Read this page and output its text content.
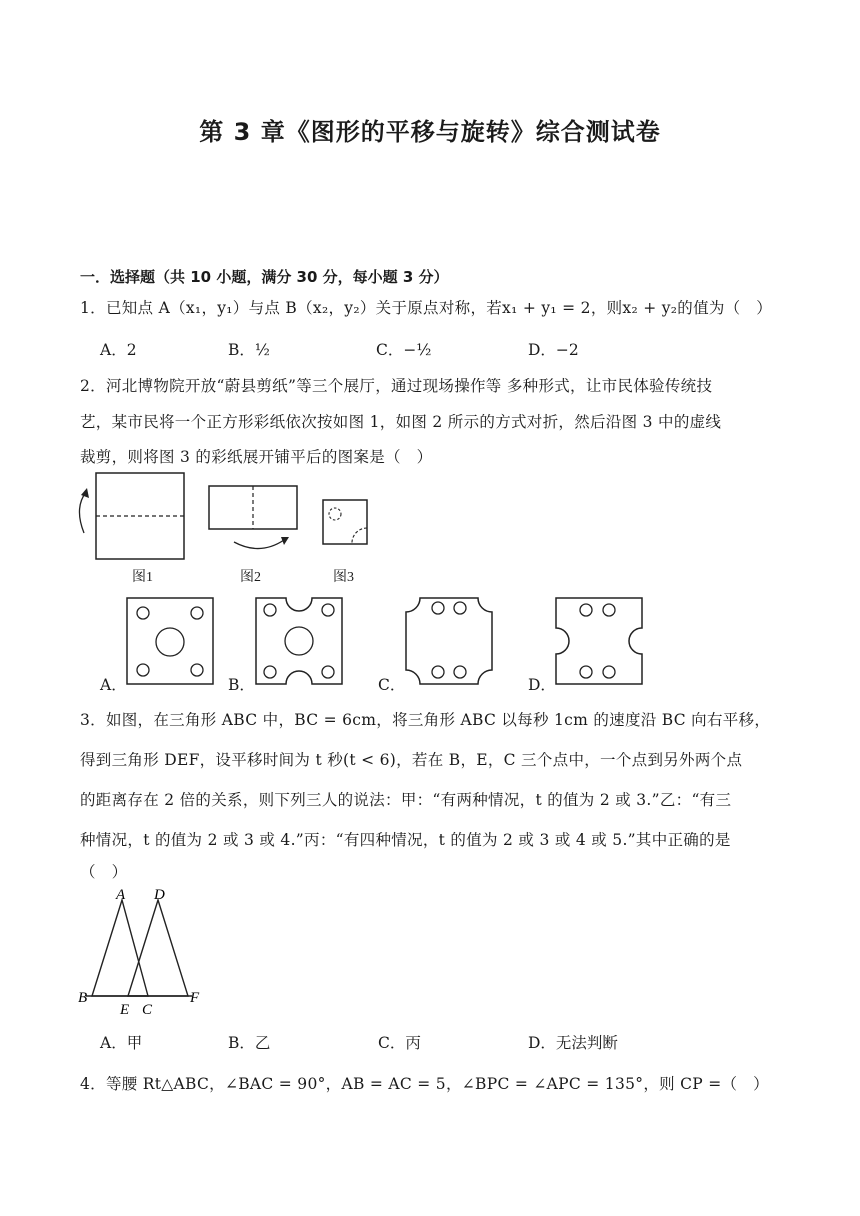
第 3 章《图形的平移与旋转》综合测试卷
一．选择题（共 10 小题，满分 30 分，每小题 3 分）
1．已知点 A（x₁，y₁）与点 B（x₂，y₂）关于原点对称，若x₁ + y₁ = 2，则x₂ + y₂的值为（　）
A．2	B．½	C．−½	D．−2
2．河北博物院开放“蔚县剪纸”等三个展厅，通过现场操作等 多种形式，让市民体验传统技
艺，某市民将一个正方形彩纸依次按如图 1，如图 2 所示的方式对折，然后沿图 3 中的虚线
裁剪，则将图 3 的彩纸展开铺平后的图案是（　）
图1	图2	图3
A．	B．	C．	D．
3．如图，在三角形 ABC 中，BC = 6cm，将三角形 ABC 以每秒 1cm 的速度沿 BC 向右平移，
得到三角形 DEF，设平移时间为 t 秒(t < 6)，若在 B，E，C 三个点中，一个点到另外两个点
的距离存在 2 倍的关系，则下列三人的说法：甲：“有两种情况，t 的值为 2 或 3.”乙：“有三
种情况，t 的值为 2 或 3 或 4.”丙：“有四种情况，t 的值为 2 或 3 或 4 或 5.”其中正确的是
（　）
A D
B
E C
F
A．甲	B．乙	C．丙	D．无法判断
4．等腰 Rt△ABC，∠BAC = 90°，AB = AC = 5，∠BPC = ∠APC = 135°，则 CP =（　）
